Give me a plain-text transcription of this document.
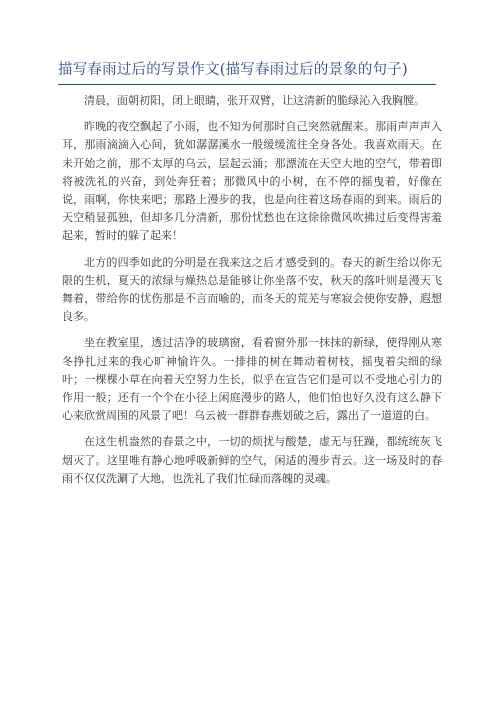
描写春雨过后的写景作文(描写春雨过后的景象的句子)

清晨，面朝初阳，闭上眼睛，张开双臂，让这清新的脆绿沁入我胸膛。

昨晚的夜空飘起了小雨，也不知为何那时自己突然就醒来。那雨声声声入耳，那雨滴滴入心间，犹如潺潺溪水一般缓缓流往全身各处。我喜欢雨天。在未开始之前，那不太厚的乌云，层起云涌；那漂流在天空大地的空气，带着即将被洗礼的兴奋，到处奔狂着；那微风中的小树，在不停的摇曳着，好像在说，雨啊，你快来吧；那路上漫步的我，也是向往着这场春雨的到来。雨后的天空稍显孤独，但却多几分清新，那份忧愁也在这徐徐微风吹拂过后变得害羞起来，暂时的躲了起来！

北方的四季如此的分明是在我来这之后才感受到的。春天的新生给以你无限的生机，夏天的浓绿与燥热总是能够让你坐落不安，秋天的落叶则是漫天飞舞着，带给你的忧伤那是不言而喻的，而冬天的荒芜与寒寂会使你安静，遐想良多。

坐在教室里，透过洁净的玻璃窗，看着窗外那一抹抹的新绿，使得刚从寒冬挣扎过来的我心旷神愉许久。一排排的树在舞动着树枝，摇曳着尖细的绿叶；一棵棵小草在向着天空努力生长，似乎在宣告它们是可以不受地心引力的作用一般；还有一个个在小径上闲庭漫步的路人，他们怕也好久没有这么静下心来欣赏周围的风景了吧！乌云被一群群春燕划破之后，露出了一道道的白。

在这生机盎然的春景之中，一切的烦扰与酸楚，虚无与狂躁，都统统灰飞烟灭了。这里唯有静心地呼吸新鲜的空气，闲适的漫步青云。这一场及时的春雨不仅仅洗涮了大地，也洗礼了我们忙碌而落魄的灵魂。
